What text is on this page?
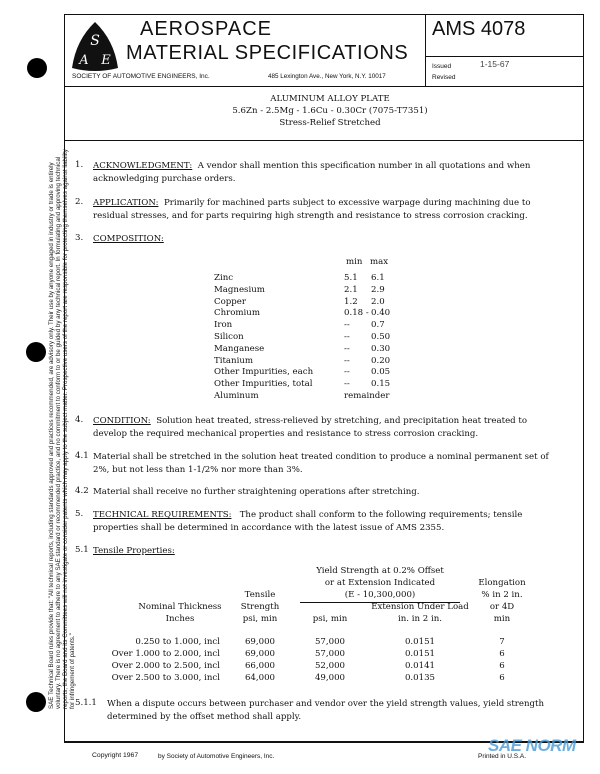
SAE Technical Board rules provide that: "All technical reports, including standards approved and practices recommended, are advisory only. Their use by anyone engaged in industry or trade is entirely voluntary. There is no agreement to adhere to any SAE standard or recommended practice, and no commitment to conform to or be guided by any technical report. In formulating and approving technical reports, the Board and its Committees will not investigate or consider patents which may apply to the subject matter. Prospective users of the report are responsible for protecting themselves against liability for infringement of patents."
S
A E
AEROSPACE
MATERIAL SPECIFICATIONS
SOCIETY OF AUTOMOTIVE ENGINEERS, Inc.	485 Lexington Ave., New York, N.Y. 10017
AMS 4078
Issued	1-15-67
Revised
ALUMINUM ALLOY PLATE
5.6Zn - 2.5Mg - 1.6Cu - 0.30Cr (7075-T7351)
Stress-Relief Stretched
1. ACKNOWLEDGMENT: A vendor shall mention this specification number in all quotations and when acknowledging purchase orders.
2. APPLICATION: Primarily for machined parts subject to excessive warpage during machining due to residual stresses, and for parts requiring high strength and resistance to stress corrosion cracking.
3. COMPOSITION:
min max
Zinc	5.1 6.1
Magnesium	2.1 2.9
Copper	1.2 2.0
Chromium	0.18 - 0.40
Iron	-- 0.7
Silicon	-- 0.50
Manganese	-- 0.30
Titanium	-- 0.20
Other Impurities, each	-- 0.05
Other Impurities, total	-- 0.15
Aluminum	remainder
4. CONDITION: Solution heat treated, stress-relieved by stretching, and precipitation heat treated to develop the required mechanical properties and resistance to stress corrosion cracking.
4.1 Material shall be stretched in the solution heat treated condition to produce a nominal permanent set of 2%, but not less than 1-1/2% nor more than 3%.
4.2 Material shall receive no further straightening operations after stretching.
5. TECHNICAL REQUIREMENTS: The product shall conform to the following requirements; tensile properties shall be determined in accordance with the latest issue of AMS 2355.
5.1 Tensile Properties:
Yield Strength at 0.2% Offset
or at Extension Indicated
(E - 10,300,000)
Nominal Thickness
Inches
Tensile
Strength
psi, min	psi, min
Extension Under Load
in. in 2 in.
Elongation
% in 2 in.
or 4D
min
0.250 to 1.000, incl	69,000	57,000	0.0151	7
Over 1.000 to 2.000, incl	69,000	57,000	0.0151	6
Over 2.000 to 2.500, incl	66,000	52,000	0.0141	6
Over 2.500 to 3.000, incl	64,000	49,000	0.0135	6
5.1.1 When a dispute occurs between purchaser and vendor over the yield strength values, yield strength determined by the offset method shall apply.
Copyright 1967	by Society of Automotive Engineers, Inc.	Printed in U.S.A.
SAE NORM
